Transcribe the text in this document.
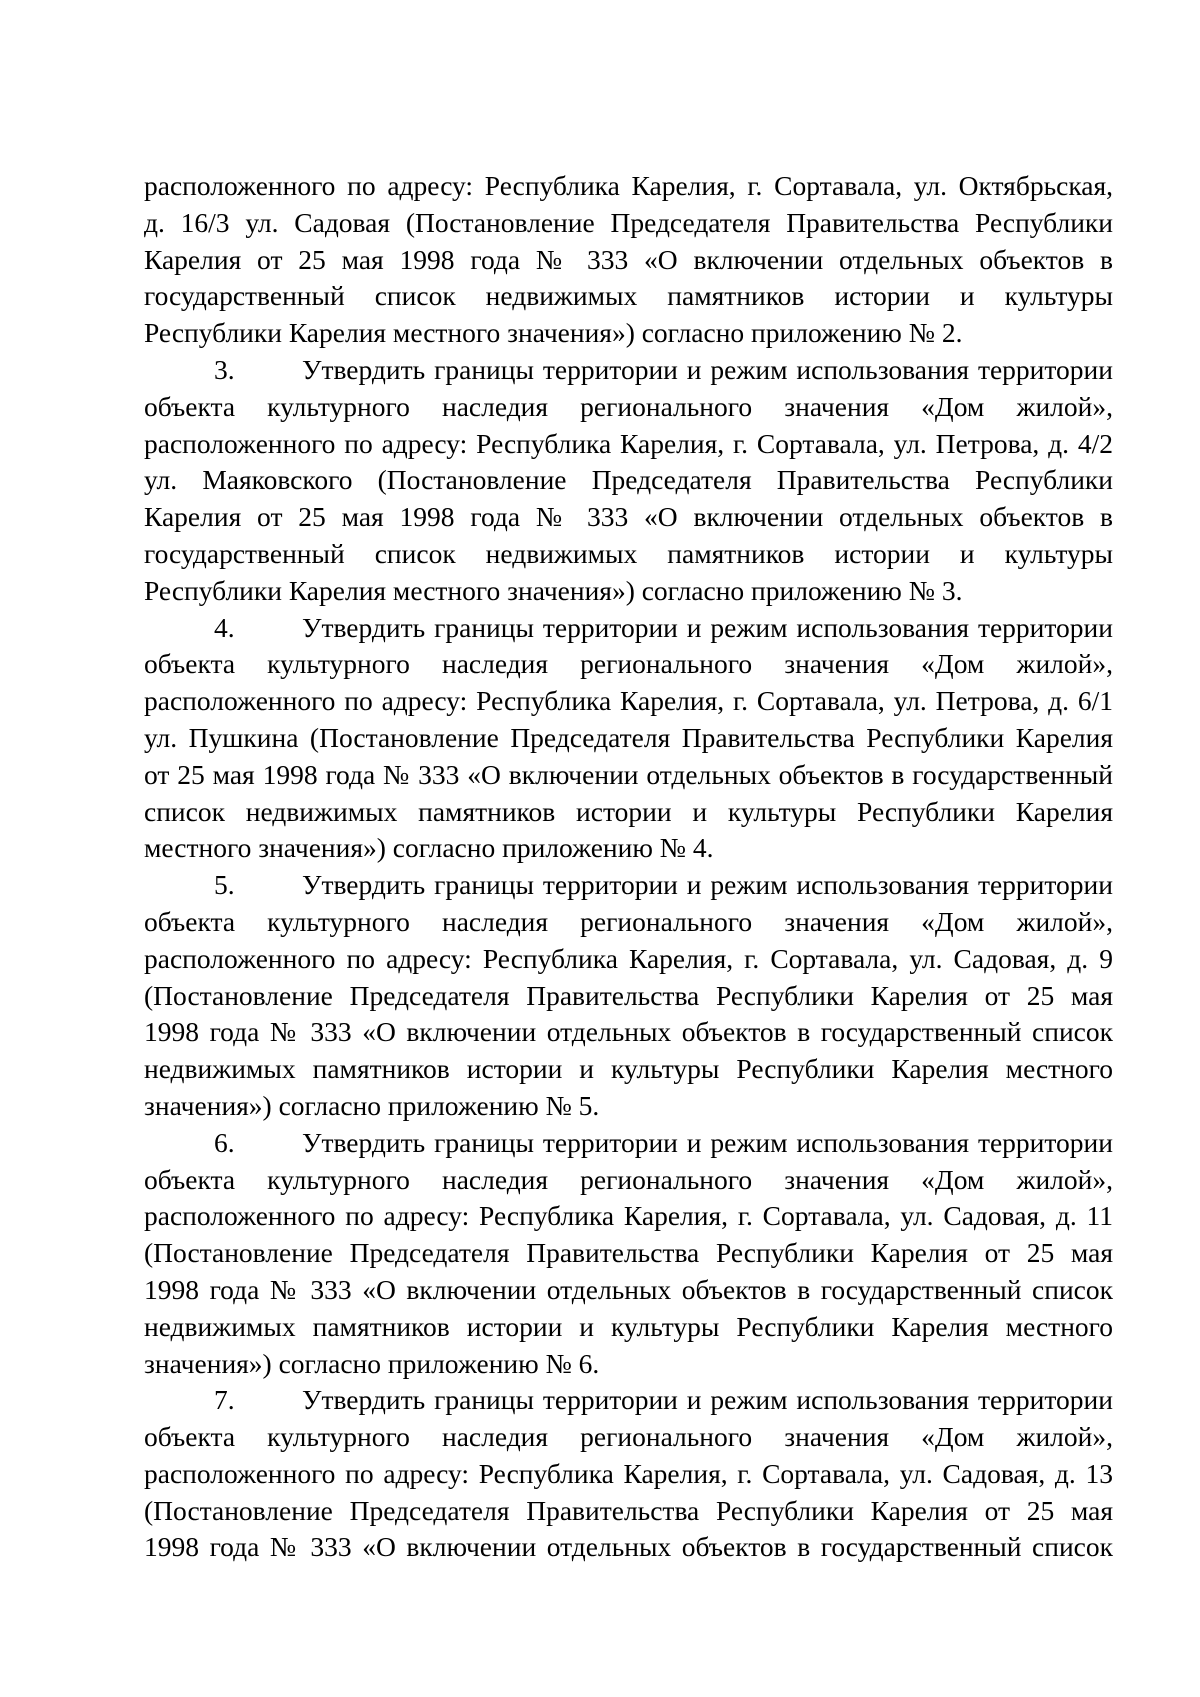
расположенного по адресу: Республика Карелия, г. Сортавала, ул. Октябрьская,
д. 16/3 ул. Садовая (Постановление Председателя Правительства Республики
Карелия от 25 мая 1998 года № 333 «О включении отдельных объектов в
государственный список недвижимых памятников истории и культуры
Республики Карелия местного значения») согласно приложению № 2.
3. Утвердить границы территории и режим использования территории
объекта культурного наследия регионального значения «Дом жилой»,
расположенного по адресу: Республика Карелия, г. Сортавала, ул. Петрова, д. 4/2
ул. Маяковского (Постановление Председателя Правительства Республики
Карелия от 25 мая 1998 года № 333 «О включении отдельных объектов в
государственный список недвижимых памятников истории и культуры
Республики Карелия местного значения») согласно приложению № 3.
4. Утвердить границы территории и режим использования территории
объекта культурного наследия регионального значения «Дом жилой»,
расположенного по адресу: Республика Карелия, г. Сортавала, ул. Петрова, д. 6/1
ул. Пушкина (Постановление Председателя Правительства Республики Карелия
от 25 мая 1998 года № 333 «О включении отдельных объектов в государственный
список недвижимых памятников истории и культуры Республики Карелия
местного значения») согласно приложению № 4.
5. Утвердить границы территории и режим использования территории
объекта культурного наследия регионального значения «Дом жилой»,
расположенного по адресу: Республика Карелия, г. Сортавала, ул. Садовая, д. 9
(Постановление Председателя Правительства Республики Карелия от 25 мая
1998 года № 333 «О включении отдельных объектов в государственный список
недвижимых памятников истории и культуры Республики Карелия местного
значения») согласно приложению № 5.
6. Утвердить границы территории и режим использования территории
объекта культурного наследия регионального значения «Дом жилой»,
расположенного по адресу: Республика Карелия, г. Сортавала, ул. Садовая, д. 11
(Постановление Председателя Правительства Республики Карелия от 25 мая
1998 года № 333 «О включении отдельных объектов в государственный список
недвижимых памятников истории и культуры Республики Карелия местного
значения») согласно приложению № 6.
7. Утвердить границы территории и режим использования территории
объекта культурного наследия регионального значения «Дом жилой»,
расположенного по адресу: Республика Карелия, г. Сортавала, ул. Садовая, д. 13
(Постановление Председателя Правительства Республики Карелия от 25 мая
1998 года № 333 «О включении отдельных объектов в государственный список
